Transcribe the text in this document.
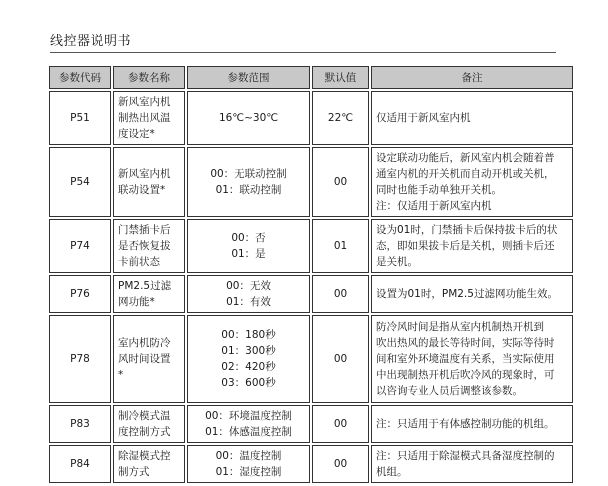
线控器说明书
参数代码	参数名称	参数范围	默认值	备注
P51	新风室内机
制热出风温
度设定*	16℃~30℃	22℃	仅适用于新风室内机

P54	新风室内机
联动设置*	00：无联动控制
01：联动控制	00	设定联动功能后，新风室内机会随着普
通室内机的开关机而自动开机或关机，
同时也能手动单独开关机。
注：仅适用于新风室内机

P74	门禁插卡后
是否恢复拔
卡前状态	00：否
01：是	01	设为01时，门禁插卡后保持拔卡后的状
态，即如果拔卡后是关机，则插卡后还
是关机。

P76	PM2.5过滤
网功能*	00：无效
01：有效	00	设置为01时，PM2.5过滤网功能生效。

P78	室内机防冷
风时间设置
*	00：180秒
01：300秒
02：420秒
03：600秒	00	防冷风时间是指从室内机制热开机到
吹出热风的最长等待时间，实际等待时
间和室外环境温度有关系，当实际使用
中出现制热开机后吹冷风的现象时，可
以咨询专业人员后调整该参数。

P83	制冷模式温
度控制方式	00：环境温度控制
01：体感温度控制	00	注：只适用于有体感控制功能的机组。

P84	除湿模式控
制方式	00：温度控制
01：湿度控制	00	注：只适用于除湿模式具备湿度控制的
机组。
